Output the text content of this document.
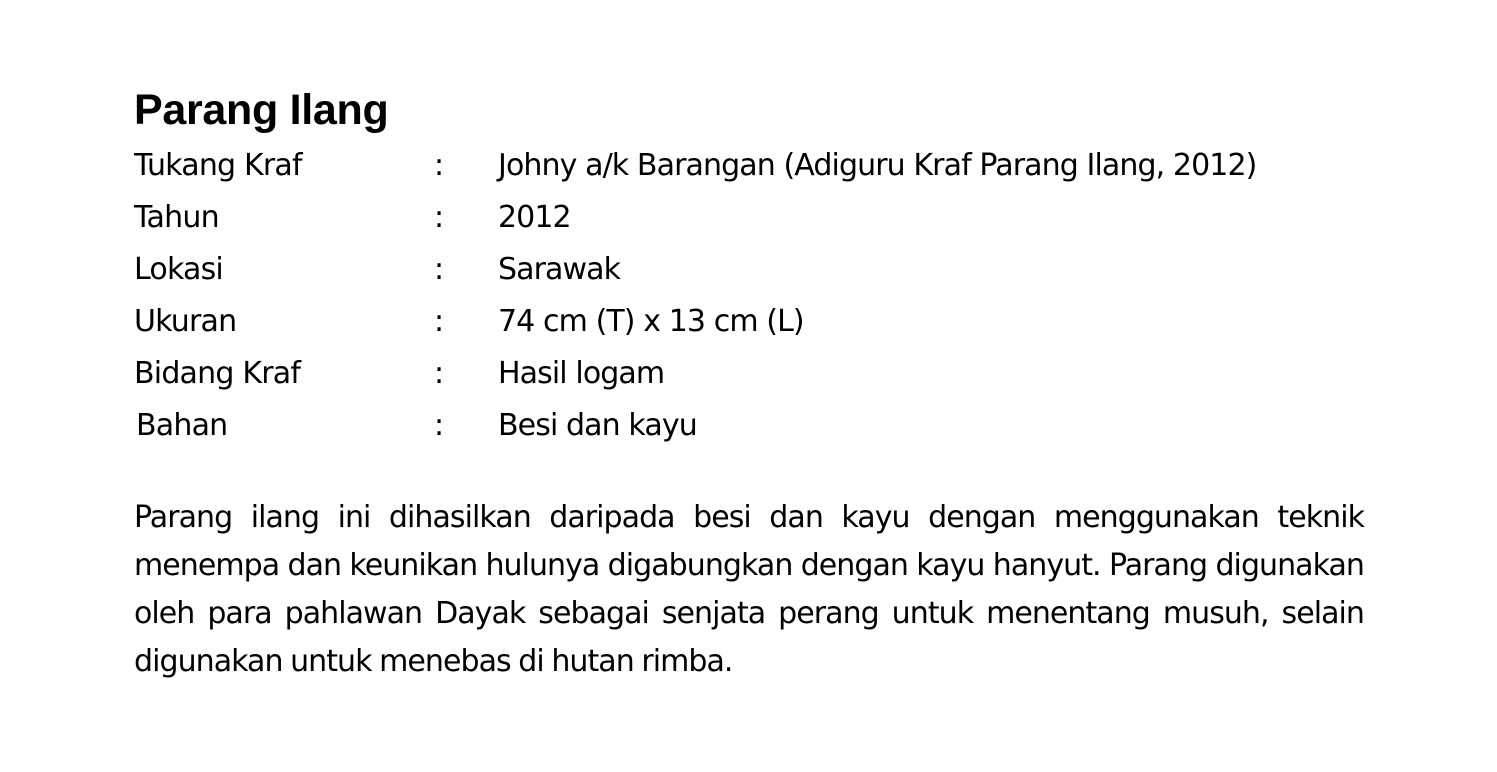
Parang Ilang
Tukang Kraf	:	Johny a/k Barangan (Adiguru Kraf Parang Ilang, 2012)
Tahun	:	2012
Lokasi	:	Sarawak
Ukuran	:	74 cm (T) x 13 cm (L)
Bidang Kraf	:	Hasil logam
Bahan	:	Besi dan kayu

Parang ilang ini dihasilkan daripada besi dan kayu dengan menggunakan teknik menempa dan keunikan hulunya digabungkan dengan kayu hanyut. Parang digunakan oleh para pahlawan Dayak sebagai senjata perang untuk menentang musuh, selain digunakan untuk menebas di hutan rimba.
